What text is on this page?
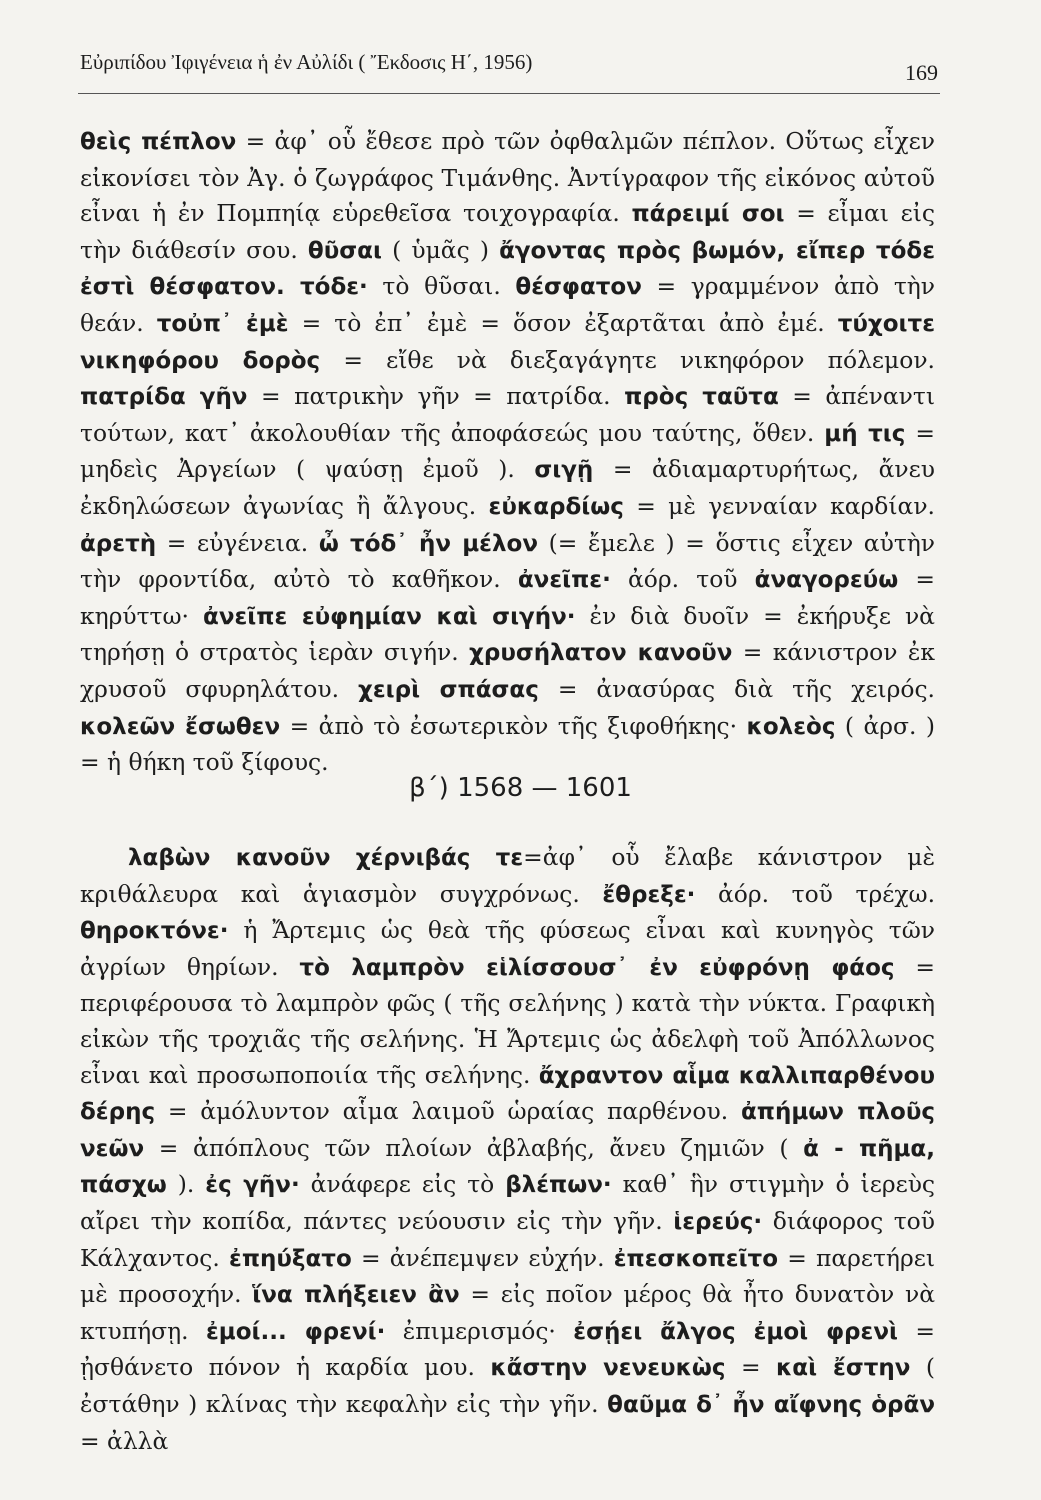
Εὐριπίδου Ἰφιγένεια ἡ ἐν Αὐλίδι ( Ἔκδοσις Η΄, 1956)	169
θεὶς πέπλον = ἀφ᾽ οὗ ἔθεσε πρὸ τῶν ὀφθαλμῶν πέπλον. Οὕτως εἶχεν εἰκονίσει τὸν Ἀγ. ὁ ζωγράφος Τιμάνθης. Ἀντίγραφον τῆς εἰκόνος αὐτοῦ εἶναι ἡ ἐν Πομπηίᾳ εὑρεθεῖσα τοιχογραφία. πάρειμί σοι = εἶμαι εἰς τὴν διάθεσίν σου. θῦσαι ( ὑμᾶς ) ἄγοντας πρὸς βωμόν, εἴπερ τόδε ἐστὶ θέσφατον. τόδε· τὸ θῦσαι. θέσφατον = γραμμένον ἀπὸ τὴν θεάν. τοὐπ᾽ ἐμὲ = τὸ ἐπ᾽ ἐμὲ = ὅσον ἐξαρτᾶται ἀπὸ ἐμέ. τύχοιτε νικηφόρου δορὸς = εἴθε νὰ διεξαγάγητε νικηφόρον πόλεμον. πατρίδα γῆν = πατρικὴν γῆν = πατρίδα. πρὸς ταῦτα = ἀπέναντι τούτων, κατ᾽ ἀκολουθίαν τῆς ἀποφάσεώς μου ταύτης, ὅθεν. μή τις = μηδεὶς Ἀργείων ( ψαύσῃ ἐμοῦ ). σιγῇ = ἀδιαμαρτυρήτως, ἄνευ ἐκδηλώσεων ἀγωνίας ἢ ἄλγους. εὐκαρδίως = μὲ γενναίαν καρδίαν. ἀρετὴ = εὐγένεια. ὦ τόδ᾽ ἦν μέλον (= ἔμελε ) = ὅστις εἶχεν αὐτὴν τὴν φροντίδα, αὐτὸ τὸ καθῆκον. ἀνεῖπε· ἀόρ. τοῦ ἀναγορεύω = κηρύττω· ἀνεῖπε εὐφημίαν καὶ σιγήν· ἐν διὰ δυοῖν = ἐκήρυξε νὰ τηρήσῃ ὁ στρατὸς ἱερὰν σιγήν. χρυσήλατον κανοῦν = κάνιστρον ἐκ χρυσοῦ σφυρηλάτου. χειρὶ σπάσας = ἀνασύρας διὰ τῆς χειρός. κολεῶν ἔσωθεν = ἀπὸ τὸ ἐσωτερικὸν τῆς ξιφοθήκης· κολεὸς ( ἀρσ. ) = ἡ θήκη τοῦ ξίφους.
β΄) 1568 — 1601
λαβὼν κανοῦν χέρνιβάς τε=ἀφ᾽ οὗ ἔλαβε κάνιστρον μὲ κριθάλευρα καὶ ἁγιασμὸν συγχρόνως. ἔθρεξε· ἀόρ. τοῦ τρέχω. θηροκτόνε· ἡ Ἄρτεμις ὡς θεὰ τῆς φύσεως εἶναι καὶ κυνηγὸς τῶν ἀγρίων θηρίων. τὸ λαμπρὸν εἱλίσσουσ᾽ ἐν εὐφρόνῃ φάος = περιφέρουσα τὸ λαμπρὸν φῶς ( τῆς σελήνης ) κατὰ τὴν νύκτα. Γραφικὴ εἰκὼν τῆς τροχιᾶς τῆς σελήνης. Ἡ Ἄρτεμις ὡς ἀδελφὴ τοῦ Ἀπόλλωνος εἶναι καὶ προσωποποιία τῆς σελήνης. ἄχραντον αἷμα καλλιπαρθένου δέρης = ἀμόλυντον αἷμα λαιμοῦ ὡραίας παρθένου. ἀπήμων πλοῦς νεῶν = ἀπόπλους τῶν πλοίων ἀβλαβής, ἄνευ ζημιῶν ( ἀ - πῆμα, πάσχω ). ἐς γῆν· ἀνάφερε εἰς τὸ βλέπων· καθ᾽ ἣν στιγμὴν ὁ ἱερεὺς αἴρει τὴν κοπίδα, πάντες νεύουσιν εἰς τὴν γῆν. ἱερεύς· διάφορος τοῦ Κάλχαντος. ἐπηύξατο = ἀνέπεμψεν εὐχήν. ἐπεσκοπεῖτο = παρετήρει μὲ προσοχήν. ἵνα πλήξειεν ἂν = εἰς ποῖον μέρος θὰ ἦτο δυνατὸν νὰ κτυπήσῃ. ἐμοί... φρενί· ἐπιμερισμός· ἐσῄει ἄλγος ἐμοὶ φρενὶ = ᾐσθάνετο πόνον ἡ καρδία μου. κἄστην νενευκὼς = καὶ ἔστην ( ἐστάθην ) κλίνας τὴν κεφαλὴν εἰς τὴν γῆν. θαῦμα δ᾽ ἦν αἴφνης ὁρᾶν = ἀλλὰ
